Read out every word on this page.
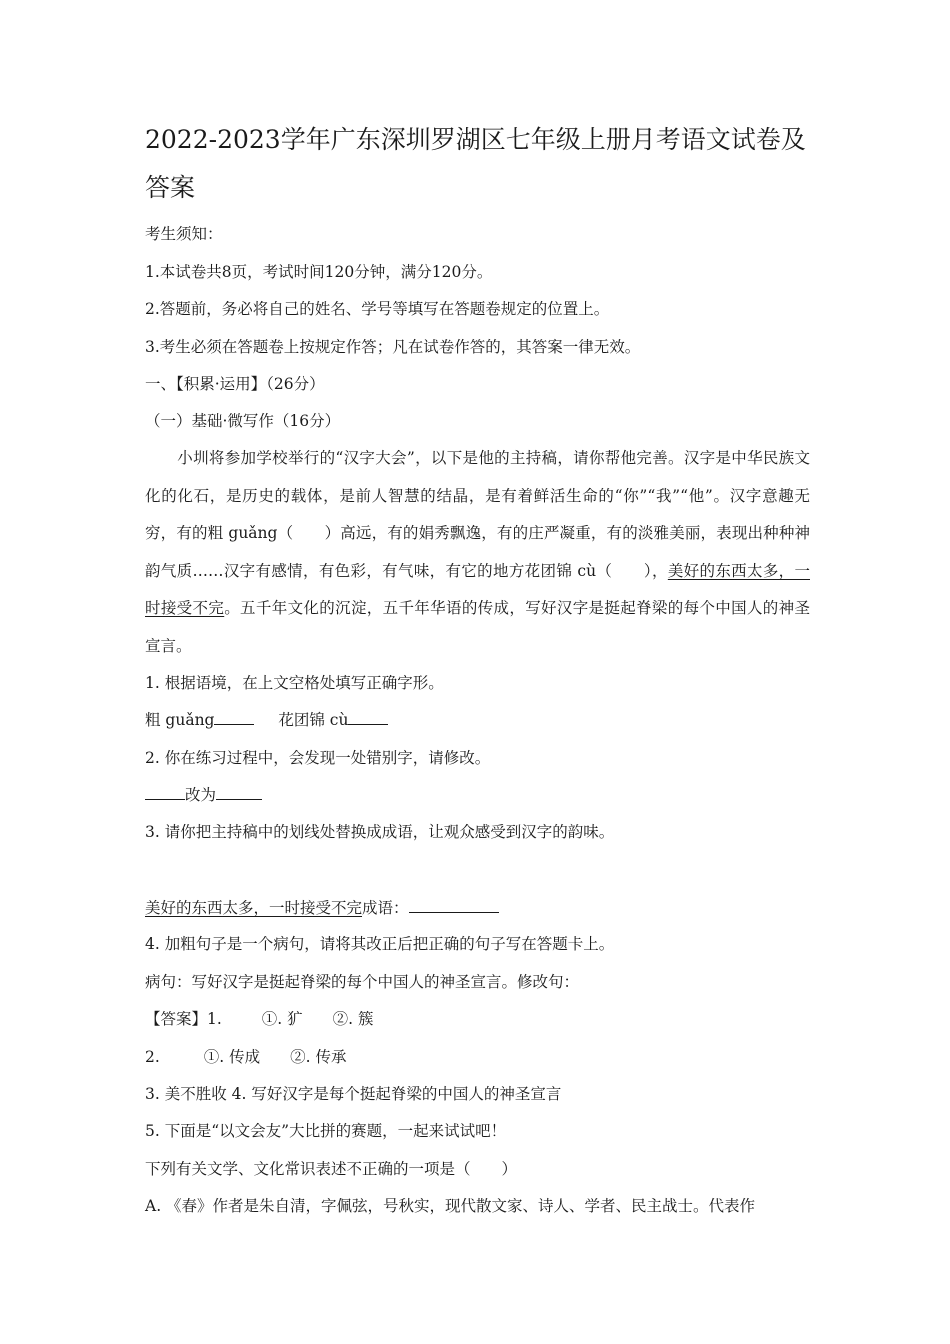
2022-2023学年广东深圳罗湖区七年级上册月考语文试卷及答案
考生须知：
1.本试卷共8页，考试时间120分钟，满分120分。
2.答题前，务必将自己的姓名、学号等填写在答题卷规定的位置上。
3.考生必须在答题卷上按规定作答；凡在试卷作答的，其答案一律无效。
一、【积累·运用】（26分）
（一）基础·微写作（16分）
小圳将参加学校举行的“汉字大会”，以下是他的主持稿，请你帮他完善。汉字是中华民族文化的化石，是历史的载体，是前人智慧的结晶，是有着鲜活生命的“你”“我”“他”。汉字意趣无穷，有的粗 guǎng（　　）高远，有的娟秀飘逸，有的庄严凝重，有的淡雅美丽，表现出种种神韵气质……汉字有感情，有色彩，有气味，有它的地方花团锦 cù（　　），美好的东西太多，一时接受不完。五千年文化的沉淀，五千年华语的传成，写好汉字是挺起脊梁的每个中国人的神圣宣言。
1. 根据语境，在上文空格处填写正确字形。
粗 guǎng	花团锦 cù
2. 你在练习过程中，会发现一处错别字，请修改。
改为
3. 请你把主持稿中的划线处替换成成语，让观众感受到汉字的韵味。
美好的东西太多，一时接受不完成语：
4. 加粗句子是一个病句，请将其改正后把正确的句子写在答题卡上。
病句：写好汉字是挺起脊梁的每个中国人的神圣宣言。修改句：
【答案】1.	①. 犷 ②. 簇
2.	①. 传成 ②. 传承
3. 美不胜收 4. 写好汉字是每个挺起脊梁的中国人的神圣宣言
5. 下面是“以文会友”大比拼的赛题，一起来试试吧！
下列有关文学、文化常识表述不正确的一项是（　　）
A. 《春》作者是朱自清，字佩弦，号秋实，现代散文家、诗人、学者、民主战士。代表作
